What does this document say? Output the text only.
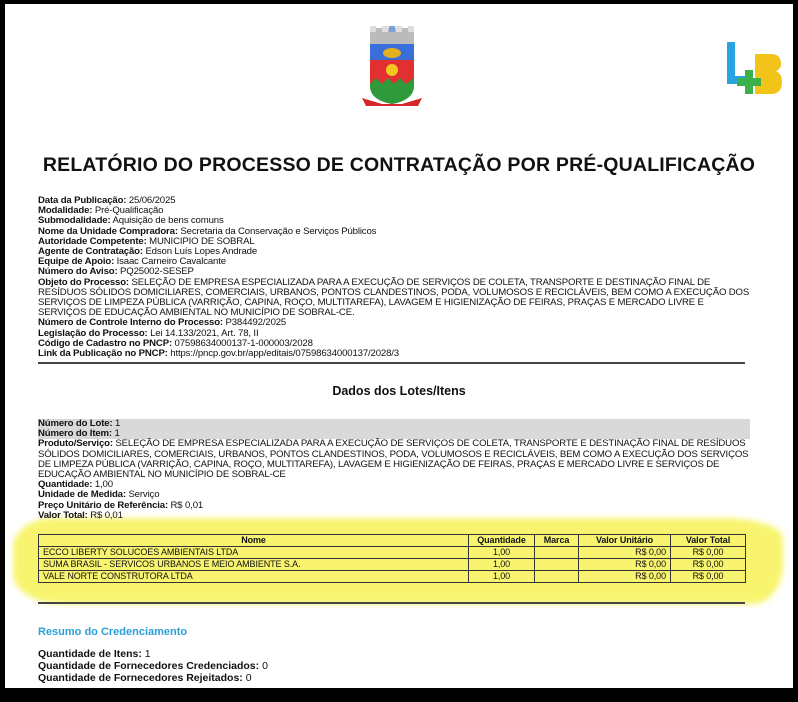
RELATÓRIO DO PROCESSO DE CONTRATAÇÃO POR PRÉ-QUALIFICAÇÃO
Data da Publicação: 25/06/2025
Modalidade: Pré-Qualificação
Submodalidade: Aquisição de bens comuns
Nome da Unidade Compradora: Secretaria da Conservação e Serviços Públicos
Autoridade Competente: MUNICIPIO DE SOBRAL
Agente de Contratação: Edson Luís Lopes Andrade
Equipe de Apoio: Isaac Carneiro Cavalcante
Número do Aviso: PQ25002-SESEP
Objeto do Processo: SELEÇÃO DE EMPRESA ESPECIALIZADA PARA A EXECUÇÃO DE SERVIÇOS DE COLETA, TRANSPORTE E DESTINAÇÃO FINAL DE RESÍDUOS SÓLIDOS DOMICILIARES, COMERCIAIS, URBANOS, PONTOS CLANDESTINOS, PODA, VOLUMOSOS E RECICLÁVEIS, BEM COMO A EXECUÇÃO DOS SERVIÇOS DE LIMPEZA PÚBLICA (VARRIÇÃO, CAPINA, ROÇO, MULTITAREFA), LAVAGEM E HIGIENIZAÇÃO DE FEIRAS, PRAÇAS E MERCADO LIVRE E SERVIÇOS DE EDUCAÇÃO AMBIENTAL NO MUNICÍPIO DE SOBRAL-CE.
Número de Controle Interno do Processo: P384492/2025
Legislação do Processo: Lei 14.133/2021, Art. 78, II
Código de Cadastro no PNCP: 07598634000137-1-000003/2028
Link da Publicação no PNCP: https://pncp.gov.br/app/editais/07598634000137/2028/3
Dados dos Lotes/Itens
Número do Lote: 1
Número do Item: 1
Produto/Serviço: SELEÇÃO DE EMPRESA ESPECIALIZADA PARA A EXECUÇÃO DE SERVIÇOS DE COLETA, TRANSPORTE E DESTINAÇÃO FINAL DE RESÍDUOS SÓLIDOS DOMICILIARES, COMERCIAIS, URBANOS, PONTOS CLANDESTINOS, PODA, VOLUMOSOS E RECICLÁVEIS, BEM COMO A EXECUÇÃO DOS SERVIÇOS DE LIMPEZA PÚBLICA (VARRIÇÃO, CAPINA, ROÇO, MULTITAREFA), LAVAGEM E HIGIENIZAÇÃO DE FEIRAS, PRAÇAS E MERCADO LIVRE E SERVIÇOS DE EDUCAÇÃO AMBIENTAL NO MUNICÍPIO DE SOBRAL-CE
Quantidade: 1,00
Unidade de Medida: Serviço
Preço Unitário de Referência: R$ 0,01
Valor Total: R$ 0,01
Nome	Quantidade	Marca	Valor Unitário	Valor Total
ECCO LIBERTY SOLUCOES AMBIENTAIS LTDA	1,00		R$ 0,00	R$ 0,00
SUMA BRASIL - SERVICOS URBANOS E MEIO AMBIENTE S.A.	1,00		R$ 0,00	R$ 0,00
VALE NORTE CONSTRUTORA LTDA	1,00		R$ 0,00	R$ 0,00
Resumo do Credenciamento
Quantidade de Itens: 1
Quantidade de Fornecedores Credenciados: 0
Quantidade de Fornecedores Rejeitados: 0
